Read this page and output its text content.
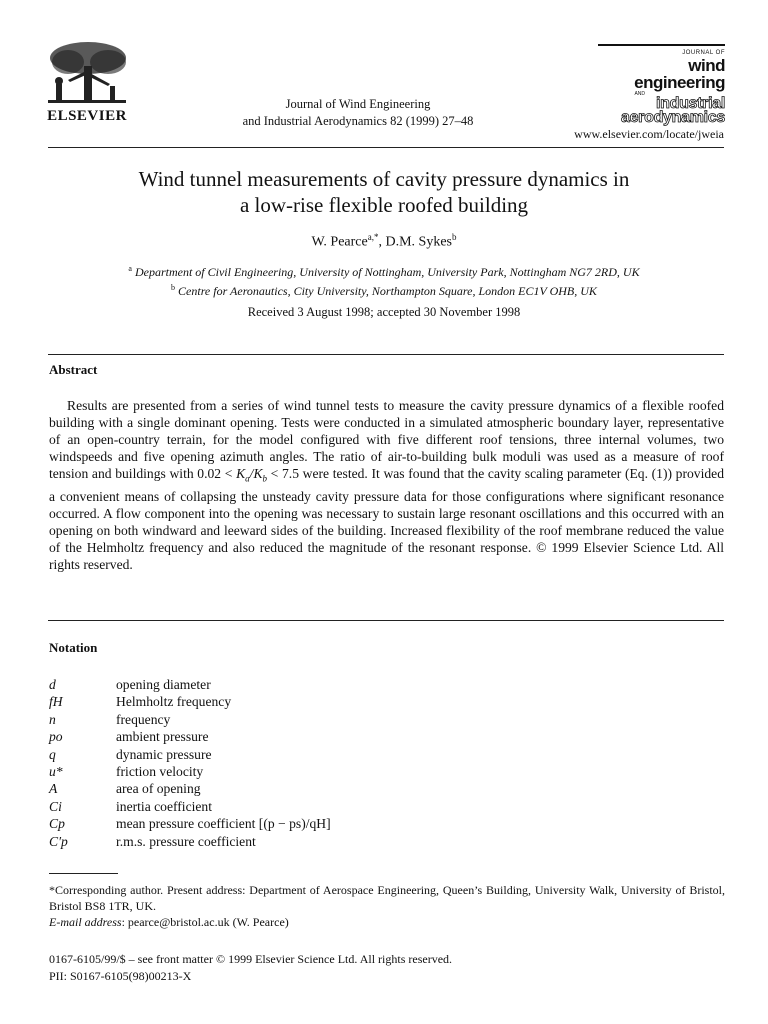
ELSEVIER
Journal of Wind Engineering
and Industrial Aerodynamics 82 (1999) 27–48
JOURNAL OF
wind engineering
AND
industrial
aerodynamics
www.elsevier.com/locate/jweia
Wind tunnel measurements of cavity pressure dynamics in
a low-rise flexible roofed building
W. Pearce$^{a,*}$, D.M. Sykes$^b$
$^a$ Department of Civil Engineering, University of Nottingham, University Park, Nottingham NG7 2RD, UK
$^b$ Centre for Aeronautics, City University, Northampton Square, London EC1V OHB, UK
Received 3 August 1998; accepted 30 November 1998
Abstract
Results are presented from a series of wind tunnel tests to measure the cavity pressure dynamics of a flexible roofed building with a single dominant opening. Tests were conducted in a simulated atmospheric boundary layer, representative of an open-country terrain, for the model configured with five different roof tensions, three internal volumes, two windspeeds and five opening azimuth angles. The ratio of air-to-building bulk moduli was used as a measure of roof tension and buildings with $0.02 < K_a/K_b < 7.5$ were tested. It was found that the cavity scaling parameter (Eq. (1)) provided a convenient means of collapsing the unsteady cavity pressure data for those configurations where significant resonance occurred. A flow component into the opening was necessary to sustain large resonant oscillations and this occurred with an opening on both windward and leeward sides of the building. Increased flexibility of the roof membrane reduced the value of the Helmholtz frequency and also reduced the magnitude of the resonant response. © 1999 Elsevier Science Ltd. All rights reserved.
Notation
d	opening diameter
fH	Helmholtz frequency
n	frequency
po	ambient pressure
q	dynamic pressure
u*	friction velocity
A	area of opening
Ci	inertia coefficient
Cp	mean pressure coefficient [(p − ps)/qH]
C′p	r.m.s. pressure coefficient
*Corresponding author. Present address: Department of Aerospace Engineering, Queen’s Building, University Walk, University of Bristol, Bristol BS8 1TR, UK.
E-mail address: pearce@bristol.ac.uk (W. Pearce)
0167-6105/99/$ – see front matter © 1999 Elsevier Science Ltd. All rights reserved.
PII: S0167-6105(98)00213-X
